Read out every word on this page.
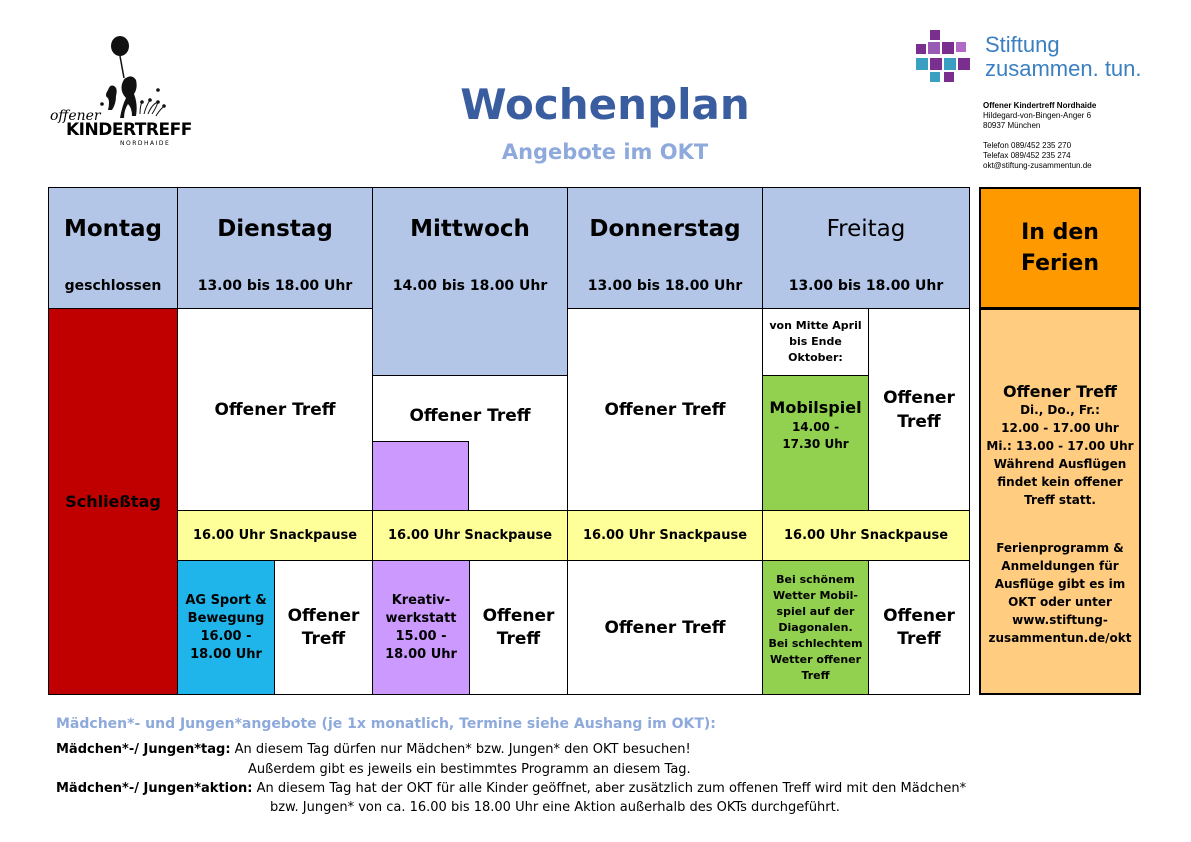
offener
KINDERTREFF
NORDHAIDE
Wochenplan
Angebote im OKT
Stiftung
zusammen. tun.
Offener Kindertreff Nordhaide
Hildegard-von-Bingen-Anger 6
80937 München
Telefon 089/452 235 270
Telefax 089/452 235 274
okt@stiftung-zusammentun.de
Montag
geschlossen
Dienstag
13.00 bis 18.00 Uhr
Mittwoch
14.00 bis 18.00 Uhr
Donnerstag
13.00 bis 18.00 Uhr
Freitag
13.00 bis 18.00 Uhr
Schließtag
Offener Treff
16.00 Uhr Snackpause
AG Sport & Bewegung 16.00 - 18.00 Uhr
Offener Treff
Offener Treff
16.00 Uhr Snackpause
Kreativ-werkstatt 15.00 - 18.00 Uhr
Offener Treff
Offener Treff
16.00 Uhr Snackpause
Offener Treff
von Mitte April bis Ende Oktober:
Mobilspiel
14.00 - 17.30 Uhr
Offener Treff
16.00 Uhr Snackpause
Bei schönem Wetter Mobil-spiel auf der Diagonalen. Bei schlechtem Wetter offener Treff
Offener Treff
In den Ferien
Offener Treff
Di., Do., Fr.:
12.00 - 17.00 Uhr
Mi.: 13.00 - 17.00 Uhr
Während Ausflügen findet kein offener Treff statt.
Ferienprogramm & Anmeldungen für Ausflüge gibt es im OKT oder unter www.stiftung-zusammentun.de/okt
Mädchen*- und Jungen*angebote (je 1x monatlich, Termine siehe Aushang im OKT):
Mädchen*-/ Jungen*tag: An diesem Tag dürfen nur Mädchen* bzw. Jungen* den OKT besuchen!
Außerdem gibt es jeweils ein bestimmtes Programm an diesem Tag.
Mädchen*-/ Jungen*aktion: An diesem Tag hat der OKT für alle Kinder geöffnet, aber zusätzlich zum offenen Treff wird mit den Mädchen*
bzw. Jungen* von ca. 16.00 bis 18.00 Uhr eine Aktion außerhalb des OKTs durchgeführt.
